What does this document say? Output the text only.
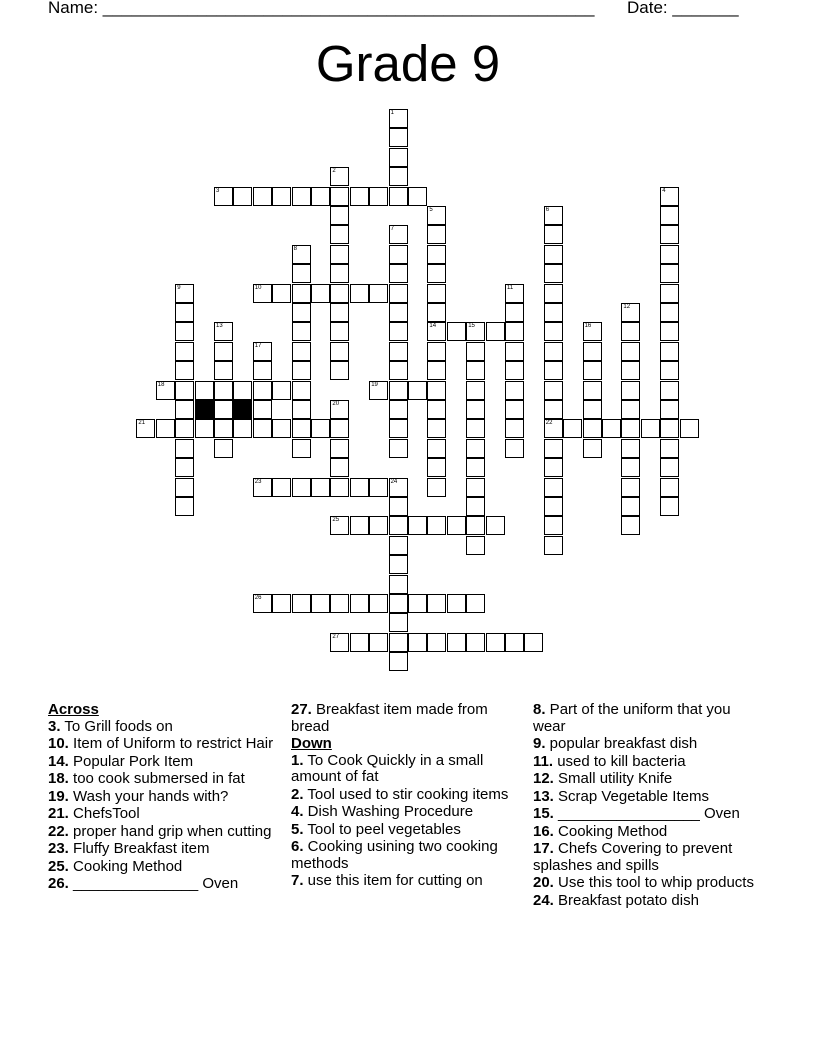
Name: ____________________________________________________ Date: _______
Grade 9
1
2
3	4
5
14
6
22
7
8
9	10	11
12
13	15	16
17
18	19
20
21
23	24
25
26
27
Across
3. To Grill foods on
10. Item of Uniform to restrict Hair
14. Popular Pork Item
18. too cook submersed in fat
19. Wash your hands with?
21. ChefsTool
22. proper hand grip when cutting
23. Fluffy Breakfast item
25. Cooking Method
26. _______________ Oven
27. Breakfast item made from bread
Down
1. To Cook Quickly in a small amount of fat
2. Tool used to stir cooking items
4. Dish Washing Procedure
5. Tool to peel vegetables
6. Cooking usining two cooking methods
7. use this item for cutting on
8. Part of the uniform that you wear
9. popular breakfast dish
11. used to kill bacteria
12. Small utility Knife
13. Scrap Vegetable Items
15. _________________ Oven
16. Cooking Method
17. Chefs Covering to prevent splashes and spills
20. Use this tool to whip products
24. Breakfast potato dish
